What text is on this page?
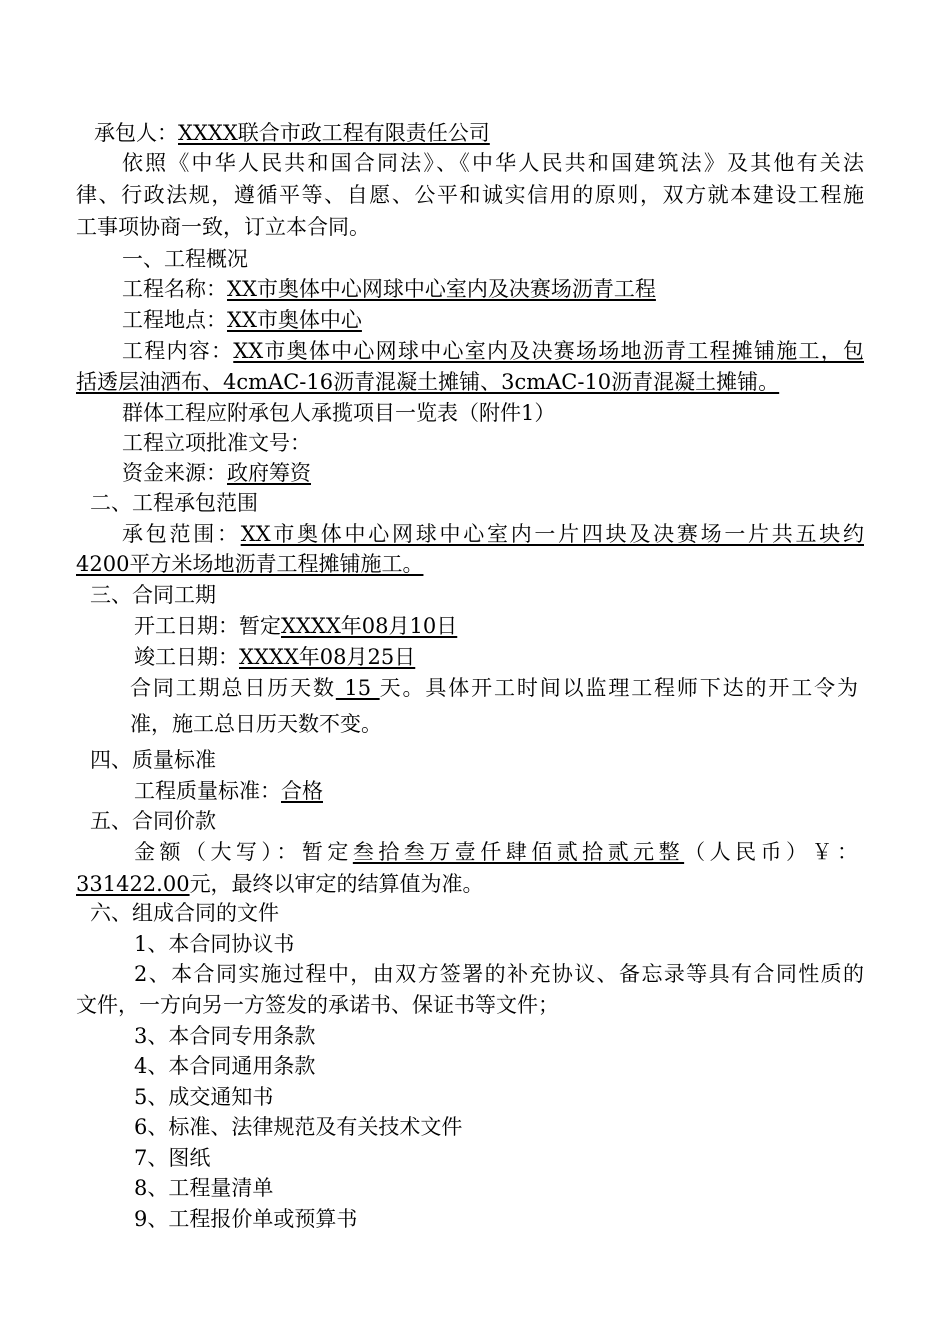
承包人：XXXX联合市政工程有限责任公司
依照《中华人民共和国合同法》、《中华人民共和国建筑法》及其他有关法
律、行政法规，遵循平等、自愿、公平和诚实信用的原则，双方就本建设工程施
工事项协商一致，订立本合同。
一、工程概况
工程名称：XX市奥体中心网球中心室内及决赛场沥青工程
工程地点：XX市奥体中心
工程内容：XX市奥体中心网球中心室内及决赛场场地沥青工程摊铺施工，包
括透层油洒布、4cmAC-16沥青混凝土摊铺、3cmAC-10沥青混凝土摊铺。
群体工程应附承包人承揽项目一览表（附件1）
工程立项批准文号：
资金来源：政府筹资
二、工程承包范围
承包范围：XX市奥体中心网球中心室内一片四块及决赛场一片共五块约
4200平方米场地沥青工程摊铺施工。
三、合同工期
开工日期：暂定XXXX年08月10日
竣工日期：XXXX年08月25日
合同工期总日历天数 15 天。具体开工时间以监理工程师下达的开工令为
准，施工总日历天数不变。
四、质量标准
工程质量标准：合格
五、合同价款
金额（大写）：暂定叁拾叁万壹仟肆佰贰拾贰元整（人民币）￥：
331422.00元，最终以审定的结算值为准。
六、组成合同的文件
1、本合同协议书
2、本合同实施过程中，由双方签署的补充协议、备忘录等具有合同性质的
文件，一方向另一方签发的承诺书、保证书等文件；
3、本合同专用条款
4、本合同通用条款
5、成交通知书
6、标准、法律规范及有关技术文件
7、图纸
8、工程量清单
9、工程报价单或预算书
